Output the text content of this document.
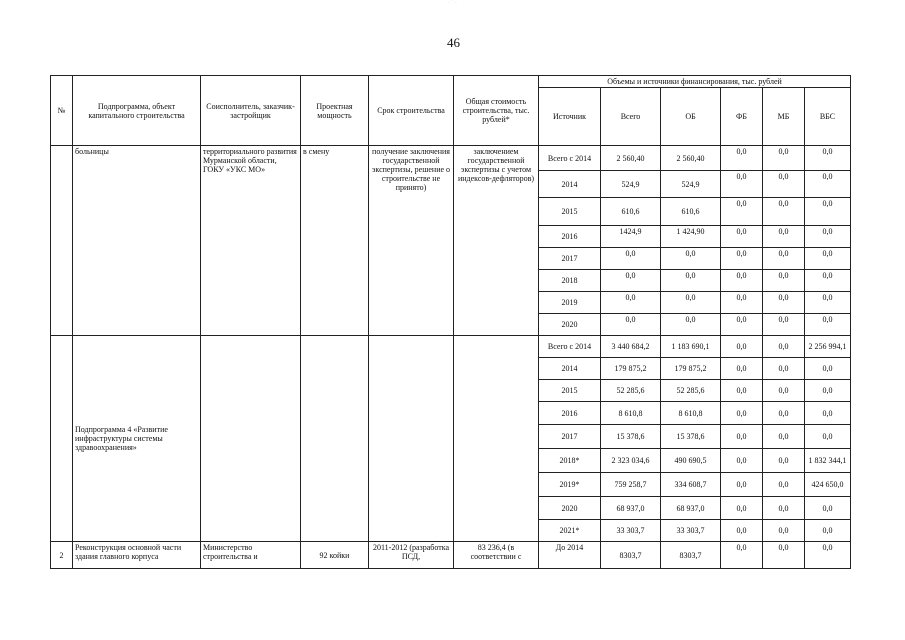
· ˙ ·
46
№	Подпрограмма, объект капитального строительства	Соисполнитель, заказчик-застройщик	Проектная мощность	Срок строительства	Общая стоимость строительства, тыс. рублей*	Объемы и источники финансирования, тыс. рублей					
						Источник	Всего	ОБ	ФБ	МБ	ВБС
	больницы	территориального развития Мурманской области, ГОКУ «УКС МО»	в смену	получение заключения государственной экспертизы, решение о строительстве не принято)	заключением государственной экспертизы с учетом индексов-дефляторов)	Всего с 2014	2 560,40	2 560,40	0,0	0,0	0,0
						2014	524,9	524,9	0,0	0,0	0,0
						2015	610,6	610,6	0,0	0,0	0,0
						2016	1424,9	1 424,90	0,0	0,0	0,0
						2017	0,0	0,0	0,0	0,0	0,0
						2018	0,0	0,0	0,0	0,0	0,0
						2019	0,0	0,0	0,0	0,0	0,0
						2020	0,0	0,0	0,0	0,0	0,0
	Подпрограмма 4 «Развитие инфраструктуры системы здравоохранения»					Всего с 2014	3 440 684,2	1 183 690,1	0,0	0,0	2 256 994,1
						2014	179 875,2	179 875,2	0,0	0,0	0,0
						2015	52 285,6	52 285,6	0,0	0,0	0,0
						2016	8 610,8	8 610,8	0,0	0,0	0,0
						2017	15 378,6	15 378,6	0,0	0,0	0,0
						2018*	2 323 034,6	490 690,5	0,0	0,0	1 832 344,1
						2019*	759 258,7	334 608,7	0,0	0,0	424 650,0
						2020	68 937,0	68 937,0	0,0	0,0	0,0
						2021*	33 303,7	33 303,7	0,0	0,0	0,0
2	Реконструкция основной части здания главного корпуса	Министерство строительства и	92 койки	2011-2012 (разработка ПСД,	83 236,4 (в соответствии с	До 2014	8303,7	8303,7	0,0	0,0	0,0
